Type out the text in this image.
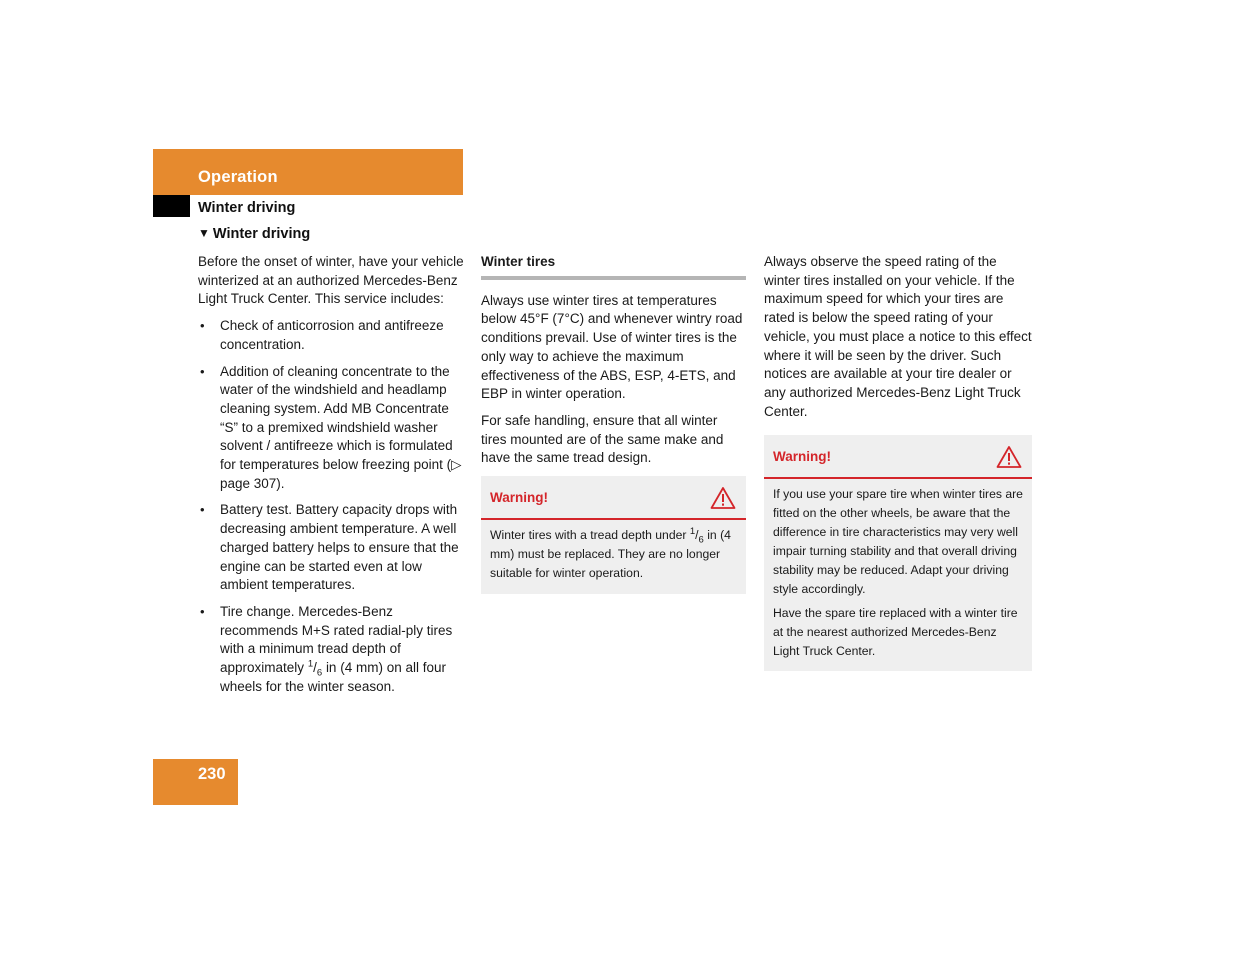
Operation
Winter driving
▼ Winter driving

Before the onset of winter, have your vehicle winterized at an authorized Mercedes-Benz Light Truck Center. This service includes:

• Check of anticorrosion and antifreeze concentration.
• Addition of cleaning concentrate to the water of the windshield and headlamp cleaning system. Add MB Concentrate “S” to a premixed windshield washer solvent / antifreeze which is formulated for temperatures below freezing point (▷ page 307).
• Battery test. Battery capacity drops with decreasing ambient temperature. A well charged battery helps to ensure that the engine can be started even at low ambient temperatures.
• Tire change. Mercedes-Benz recommends M+S rated radial-ply tires with a minimum tread depth of approximately $^1/_6$ in (4 mm) on all four wheels for the winter season.
Winter tires

Always use winter tires at temperatures below 45°F (7°C) and whenever wintry road conditions prevail. Use of winter tires is the only way to achieve the maximum effectiveness of the ABS, ESP, 4-ETS, and EBP in winter operation.

For safe handling, ensure that all winter tires mounted are of the same make and have the same tread design.

Warning!

Winter tires with a tread depth under $^1/_6$ in (4 mm) must be replaced. They are no longer suitable for winter operation.

Always observe the speed rating of the winter tires installed on your vehicle. If the maximum speed for which your tires are rated is below the speed rating of your vehicle, you must place a notice to this effect where it will be seen by the driver. Such notices are available at your tire dealer or any authorized Mercedes-Benz Light Truck Center.

Warning!

If you use your spare tire when winter tires are fitted on the other wheels, be aware that the difference in tire characteristics may very well impair turning stability and that overall driving stability may be reduced. Adapt your driving style accordingly.

Have the spare tire replaced with a winter tire at the nearest authorized Mercedes-Benz Light Truck Center.

230
